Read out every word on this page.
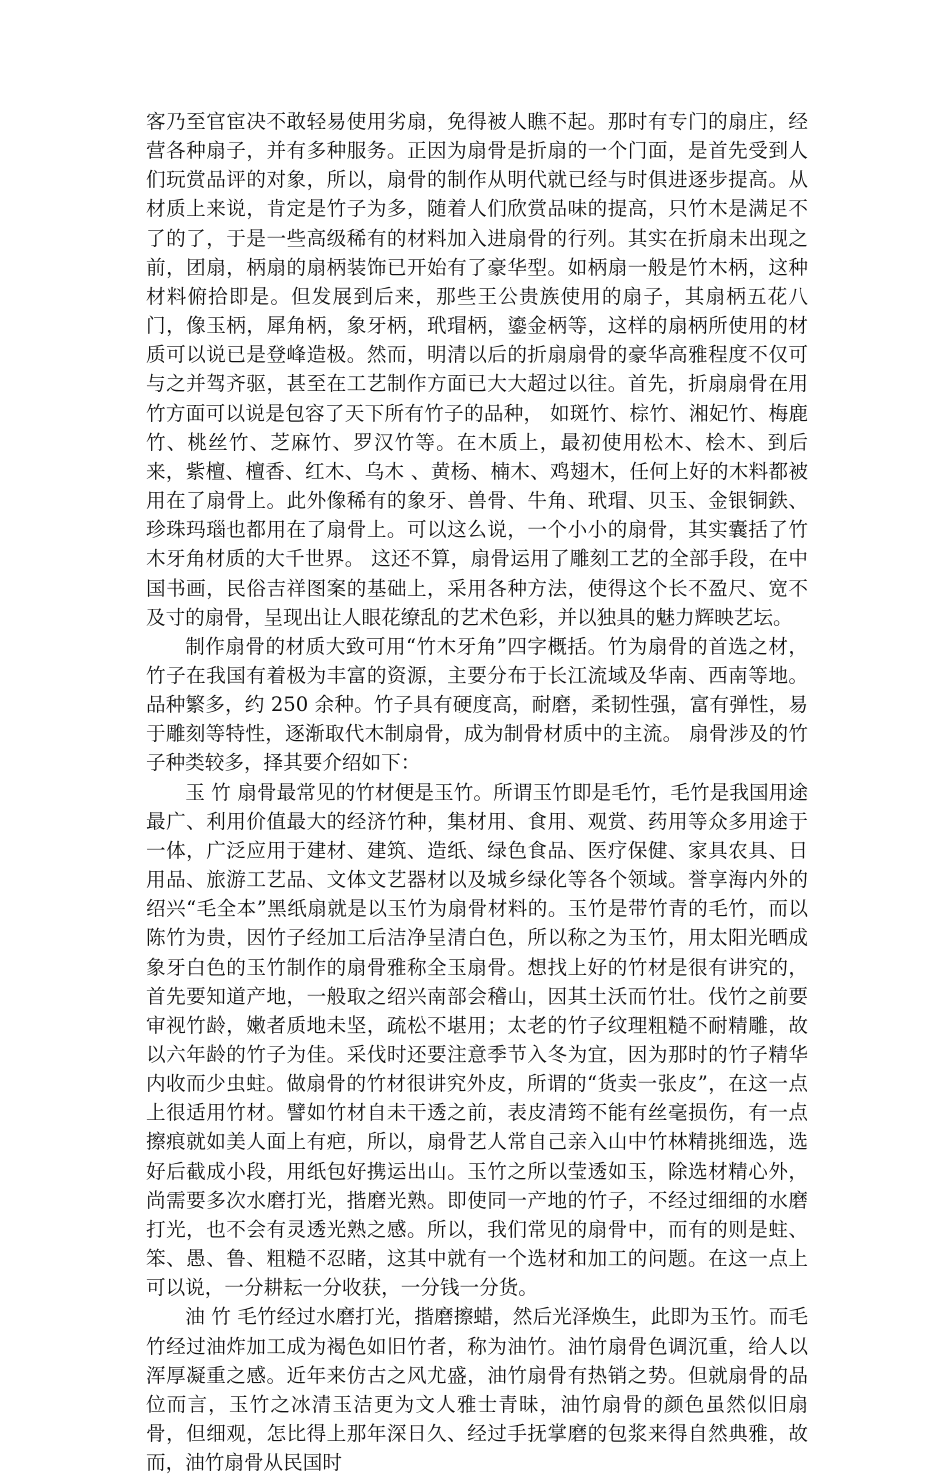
客乃至官宦决不敢轻易使用劣扇，免得被人瞧不起。那时有专门的扇庄，经营各种扇子，并有多种服务。正因为扇骨是折扇的一个门面，是首先受到人们玩赏品评的对象，所以，扇骨的制作从明代就已经与时俱进逐步提高。从材质上来说，肯定是竹子为多，随着人们欣赏品味的提高，只竹木是满足不了的了，于是一些高级稀有的材料加入进扇骨的行列。其实在折扇未出现之前，团扇，柄扇的扇柄装饰已开始有了豪华型。如柄扇一般是竹木柄，这种材料俯拾即是。但发展到后来，那些王公贵族使用的扇子，其扇柄五花八门，像玉柄，犀角柄，象牙柄，玳瑁柄，鎏金柄等，这样的扇柄所使用的材质可以说已是登峰造极。然而，明清以后的折扇扇骨的豪华高雅程度不仅可与之并驾齐驱，甚至在工艺制作方面已大大超过以往。首先，折扇扇骨在用竹方面可以说是包容了天下所有竹子的品种， 如斑竹、棕竹、湘妃竹、梅鹿竹、桃丝竹、芝麻竹、罗汉竹等。在木质上，最初使用松木、桧木、到后来，紫檀、檀香、红木、乌木 、黄杨、楠木、鸡翅木，任何上好的木料都被用在了扇骨上。此外像稀有的象牙、兽骨、牛角、玳瑁、贝玉、金银铜鉄、珍珠玛瑙也都用在了扇骨上。可以这么说，一个小小的扇骨，其实囊括了竹木牙角材质的大千世界。 这还不算，扇骨运用了雕刻工艺的全部手段，在中国书画，民俗吉祥图案的基础上，采用各种方法，使得这个长不盈尺、宽不及寸的扇骨，呈现出让人眼花缭乱的艺术色彩，并以独具的魅力辉映艺坛。

制作扇骨的材质大致可用“竹木牙角”四字概括。竹为扇骨的首选之材，竹子在我国有着极为丰富的资源，主要分布于长江流域及华南、西南等地。品种繁多，约 250 余种。竹子具有硬度高，耐磨，柔韧性强，富有弹性，易于雕刻等特性，逐渐取代木制扇骨，成为制骨材质中的主流。 扇骨涉及的竹子种类较多，择其要介绍如下：

玉 竹 扇骨最常见的竹材便是玉竹。所谓玉竹即是毛竹，毛竹是我国用途最广、利用价值最大的经济竹种，集材用、食用、观赏、药用等众多用途于一体，广泛应用于建材、建筑、造纸、绿色食品、医疗保健、家具农具、日用品、旅游工艺品、文体文艺器材以及城乡绿化等各个领域。誉享海内外的绍兴“毛全本”黑纸扇就是以玉竹为扇骨材料的。玉竹是带竹青的毛竹，而以陈竹为贵，因竹子经加工后洁净呈清白色，所以称之为玉竹，用太阳光晒成象牙白色的玉竹制作的扇骨雅称全玉扇骨。想找上好的竹材是很有讲究的，首先要知道产地，一般取之绍兴南部会稽山，因其土沃而竹壮。伐竹之前要审视竹龄，嫩者质地未坚，疏松不堪用；太老的竹子纹理粗糙不耐精雕，故以六年龄的竹子为佳。采伐时还要注意季节入冬为宜，因为那时的竹子精华内收而少虫蛀。做扇骨的竹材很讲究外皮，所谓的“货卖一张皮”，在这一点上很适用竹材。譬如竹材自未干透之前，表皮清筠不能有丝毫损伤，有一点擦痕就如美人面上有疤，所以，扇骨艺人常自己亲入山中竹林精挑细选，选好后截成小段，用纸包好携运出山。玉竹之所以莹透如玉，除选材精心外，尚需要多次水磨打光，揩磨光熟。即使同一产地的竹子，不经过细细的水磨打光，也不会有灵透光熟之感。所以，我们常见的扇骨中，而有的则是蛀、笨、愚、鲁、粗糙不忍睹，这其中就有一个选材和加工的问题。在这一点上可以说，一分耕耘一分收获，一分钱一分货。

油 竹 毛竹经过水磨打光，揩磨擦蜡，然后光泽焕生，此即为玉竹。而毛竹经过油炸加工成为褐色如旧竹者，称为油竹。油竹扇骨色调沉重，给人以浑厚凝重之感。近年来仿古之风尤盛，油竹扇骨有热销之势。但就扇骨的品位而言，玉竹之冰清玉洁更为文人雅士青昧，油竹扇骨的颜色虽然似旧扇骨，但细观，怎比得上那年深日久、经过手抚掌磨的包浆来得自然典雅，故而，油竹扇骨从民国时
